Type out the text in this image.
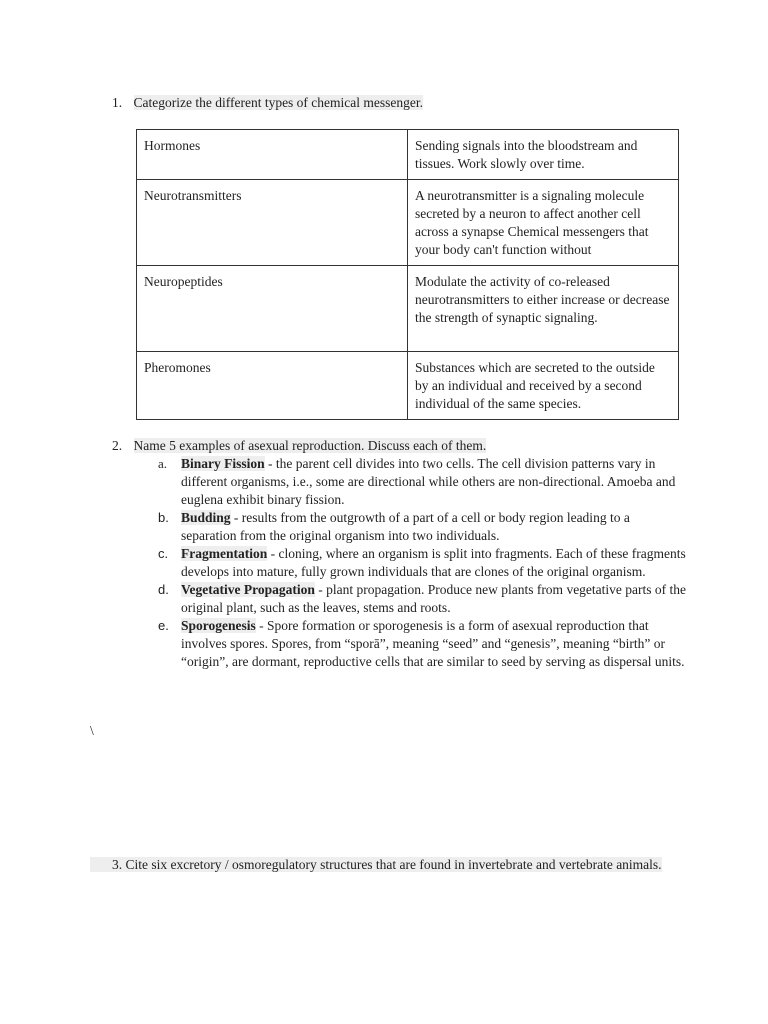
1. Categorize the different types of chemical messenger.
Hormones	Sending signals into the bloodstream and tissues. Work slowly over time.
Neurotransmitters	A neurotransmitter is a signaling molecule secreted by a neuron to affect another cell across a synapse Chemical messengers that your body can't function without
Neuropeptides	Modulate the activity of co-released neurotransmitters to either increase or decrease the strength of synaptic signaling.
Pheromones	Substances which are secreted to the outside by an individual and received by a second individual of the same species.
2. Name 5 examples of asexual reproduction. Discuss each of them.
a. Binary Fission - the parent cell divides into two cells. The cell division patterns vary in different organisms, i.e., some are directional while others are non-directional. Amoeba and euglena exhibit binary fission.
b. Budding - results from the outgrowth of a part of a cell or body region leading to a separation from the original organism into two individuals.
c. Fragmentation - cloning, where an organism is split into fragments. Each of these fragments develops into mature, fully grown individuals that are clones of the original organism.
d. Vegetative Propagation - plant propagation. Produce new plants from vegetative parts of the original plant, such as the leaves, stems and roots.
e. Sporogenesis - Spore formation or sporogenesis is a form of asexual reproduction that involves spores. Spores, from “sporā”, meaning “seed” and “genesis”, meaning “birth” or “origin”, are dormant, reproductive cells that are similar to seed by serving as dispersal units.
\
3. Cite six excretory / osmoregulatory structures that are found in invertebrate and vertebrate animals.
